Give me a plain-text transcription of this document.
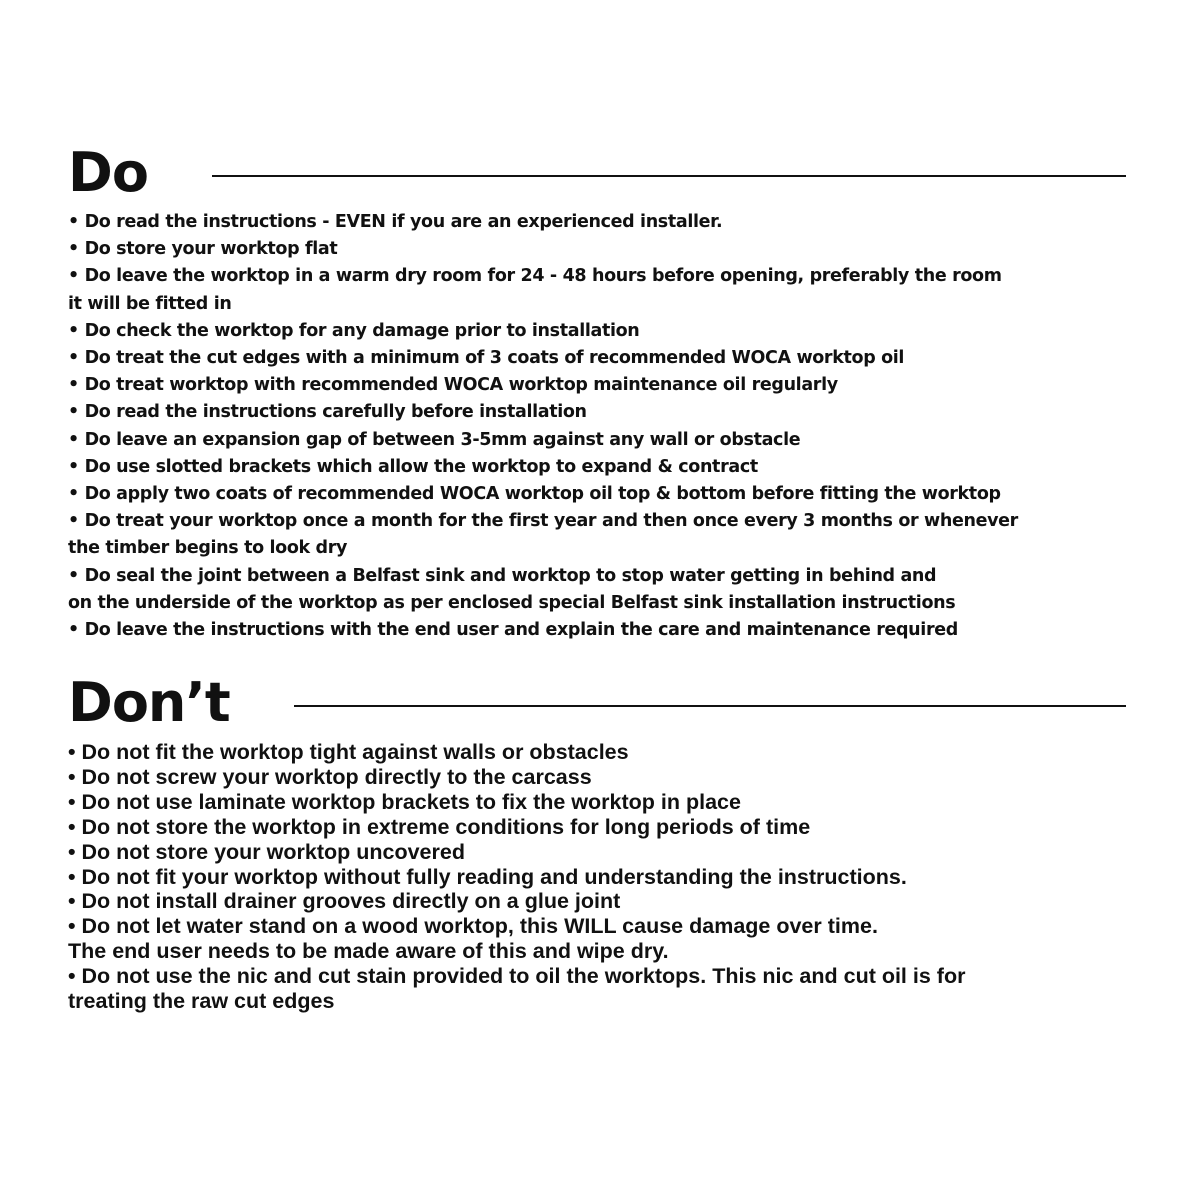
Do
• Do read the instructions - EVEN if you are an experienced installer.
• Do store your worktop flat
• Do leave the worktop in a warm dry room for 24 - 48 hours before opening, preferably the room
it will be fitted in
• Do check the worktop for any damage prior to installation
• Do treat the cut edges with a minimum of 3 coats of recommended WOCA worktop oil
• Do treat worktop with recommended WOCA worktop maintenance oil regularly
• Do read the instructions carefully before installation
• Do leave an expansion gap of between 3-5mm against any wall or obstacle
• Do use slotted brackets which allow the worktop to expand & contract
• Do apply two coats of recommended WOCA worktop oil top & bottom before fitting the worktop
• Do treat your worktop once a month for the first year and then once every 3 months or whenever
the timber begins to look dry
• Do seal the joint between a Belfast sink and worktop to stop water getting in behind and
on the underside of the worktop as per enclosed special Belfast sink installation instructions
• Do leave the instructions with the end user and explain the care and maintenance required
Don’t
• Do not fit the worktop tight against walls or obstacles
• Do not screw your worktop directly to the carcass
• Do not use laminate worktop brackets to fix the worktop in place
• Do not store the worktop in extreme conditions for long periods of time
• Do not store your worktop uncovered
• Do not fit your worktop without fully reading and understanding the instructions.
• Do not install drainer grooves directly on a glue joint
• Do not let water stand on a wood worktop, this WILL cause damage over time.
The end user needs to be made aware of this and wipe dry.
• Do not use the nic and cut stain provided to oil the worktops. This nic and cut oil is for
treating the raw cut edges
